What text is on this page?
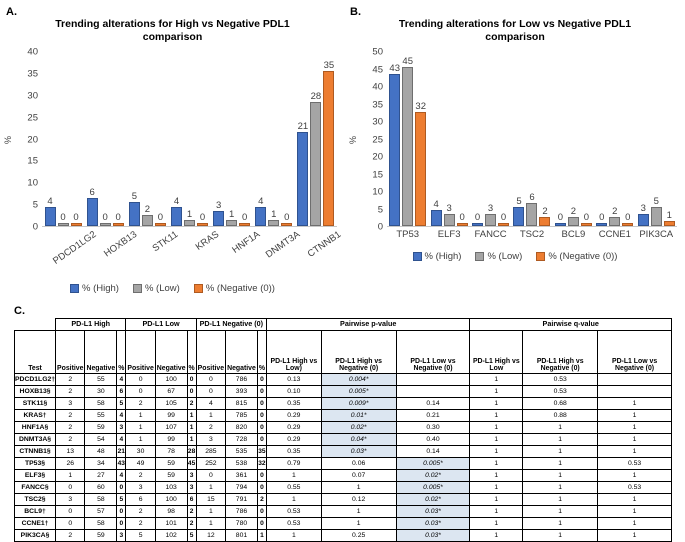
A.	B.
C.
Trending alterations for High vs Negative PDL1 comparison
%
0
5
10
15
20
25
30
35
40
4
0 0
6
0 0
5
2
0
4
1 0
3
1 0
4
1 0
21
28
35
PDCD1LG2 HOXB13	STK11	KRAS HNF1A DNMT3A CTNNB1
% (High)	% (Low)	% (Negative (0))
Trending alterations for Low vs Negative PDL1 comparison
%
0
5
10
15
20
25
30
35
40
45
50
43
45
32
4 3
0 0
3
0
5 6
2
0
2
0 0
2
0
3
5
1
TP53	ELF3	FANCC	TSC2	BCL9	CCNE1 PIK3CA
% (High)	% (Low)	% (Negative (0))
	PD-L1 High			PD-L1 Low			PD-L1 Negative (0)			Pairwise p-value			Pairwise q-value		
Test	Positive	Negative	%	Positive	Negative	%	Positive	Negative	%	PD-L1 High vs Low)	PD-L1 High vs Negative (0)	PD-L1 Low vs Negative (0)	PD-L1 High vs Low	PD-L1 High vs Negative (0)	PD-L1 Low vs Negative (0)
PDCD1LG2†	2	55	4	0	100	0	0	786	0	0.13	0.004*		1	0.53	
HOXB13§	2	30	6	0	67	0	0	393	0	0.10	0.005*		1	0.53	
STK11§	3	58	5	2	105	2	4	815	0	0.35	0.009*	0.14	1	0.68	1
KRAS†	2	55	4	1	99	1	1	785	0	0.29	0.01*	0.21	1	0.88	1
HNF1A§	2	59	3	1	107	1	2	820	0	0.29	0.02*	0.30	1	1	1
DNMT3A§	2	54	4	1	99	1	3	728	0	0.29	0.04*	0.40	1	1	1
CTNNB1§	13	48	21	30	78	28	285	535	35	0.35	0.03*	0.14	1	1	1
TP53§	26	34	43	49	59	45	252	538	32	0.79	0.06	0.005*	1	1	0.53
ELF3§	1	27	4	2	59	3	0	361	0	1	0.07	0.02*	1	1	1
FANCC§	0	60	0	3	103	3	1	794	0	0.55	1	0.005*	1	1	0.53
TSC2§	3	58	5	6	100	6	15	791	2	1	0.12	0.02*	1	1	1
BCL9†	0	57	0	2	98	2	1	786	0	0.53	1	0.03*	1	1	1
CCNE1†	0	58	0	2	101	2	1	780	0	0.53	1	0.03*	1	1	1
PIK3CA§	2	59	3	5	102	5	12	801	1	1	0.25	0.03*	1	1	1
